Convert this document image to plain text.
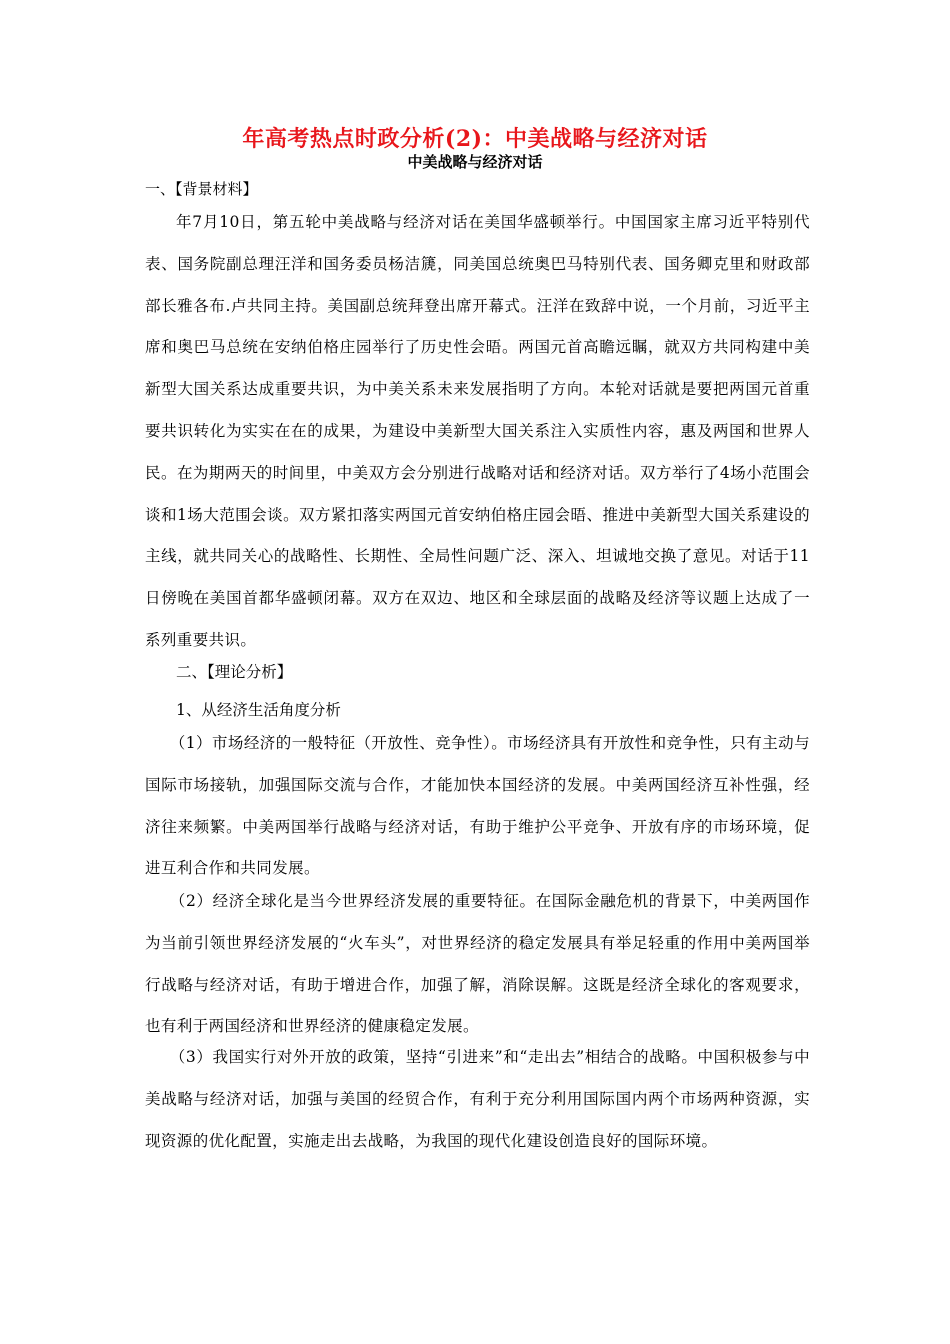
年高考热点时政分析(2)：中美战略与经济对话
中美战略与经济对话
一、【背景材料】

年7月10日，第五轮中美战略与经济对话在美国华盛顿举行。中国国家主席习近平特别代表、国务院副总理汪洋和国务委员杨洁篪，同美国总统奥巴马特别代表、国务卿克里和财政部部长雅各布.卢共同主持。美国副总统拜登出席开幕式。汪洋在致辞中说，一个月前，习近平主席和奥巴马总统在安纳伯格庄园举行了历史性会晤。两国元首高瞻远瞩，就双方共同构建中美新型大国关系达成重要共识，为中美关系未来发展指明了方向。本轮对话就是要把两国元首重要共识转化为实实在在的成果，为建设中美新型大国关系注入实质性内容，惠及两国和世界人民。在为期两天的时间里，中美双方会分别进行战略对话和经济对话。双方举行了4场小范围会谈和1场大范围会谈。双方紧扣落实两国元首安纳伯格庄园会晤、推进中美新型大国关系建设的主线，就共同关心的战略性、长期性、全局性问题广泛、深入、坦诚地交换了意见。对话于11日傍晚在美国首都华盛顿闭幕。双方在双边、地区和全球层面的战略及经济等议题上达成了一系列重要共识。

二、【理论分析】
1、从经济生活角度分析

（1）市场经济的一般特征（开放性、竞争性）。市场经济具有开放性和竞争性，只有主动与国际市场接轨，加强国际交流与合作，才能加快本国经济的发展。中美两国经济互补性强，经济往来频繁。中美两国举行战略与经济对话，有助于维护公平竞争、开放有序的市场环境，促进互利合作和共同发展。

（2）经济全球化是当今世界经济发展的重要特征。在国际金融危机的背景下，中美两国作为当前引领世界经济发展的“火车头”，对世界经济的稳定发展具有举足轻重的作用中美两国举行战略与经济对话，有助于增进合作，加强了解，消除误解。这既是经济全球化的客观要求，也有利于两国经济和世界经济的健康稳定发展。

（3）我国实行对外开放的政策，坚持“引进来”和“走出去”相结合的战略。中国积极参与中美战略与经济对话，加强与美国的经贸合作，有利于充分利用国际国内两个市场两种资源，实现资源的优化配置，实施走出去战略，为我国的现代化建设创造良好的国际环境。
